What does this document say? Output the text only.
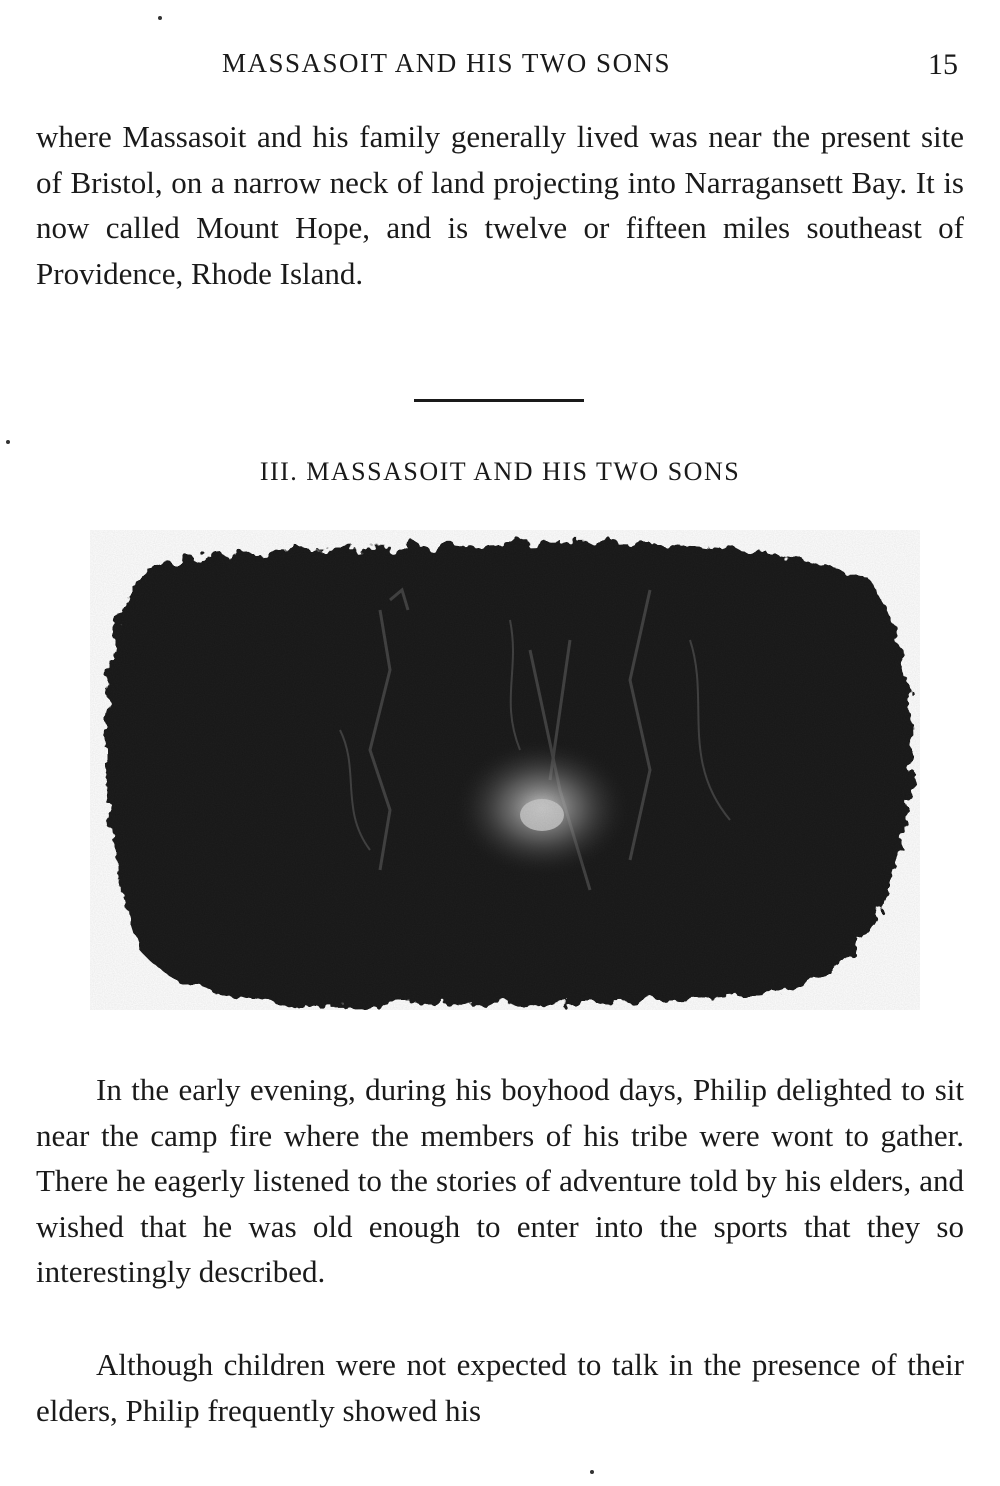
MASSASOIT AND HIS TWO SONS	15

where Massasoit and his family generally lived was near the present site of Bristol, on a narrow neck of land projecting into Narragansett Bay. It is now called Mount Hope, and is twelve or fifteen miles southeast of Providence, Rhode Island.

III. MASSASOIT AND HIS TWO SONS

In the early evening, during his boyhood days, Philip delighted to sit near the camp fire where the members of his tribe were wont to gather. There he eagerly listened to the stories of adventure told by his elders, and wished that he was old enough to enter into the sports that they so interestingly described.

Although children were not expected to talk in the presence of their elders, Philip frequently showed his
